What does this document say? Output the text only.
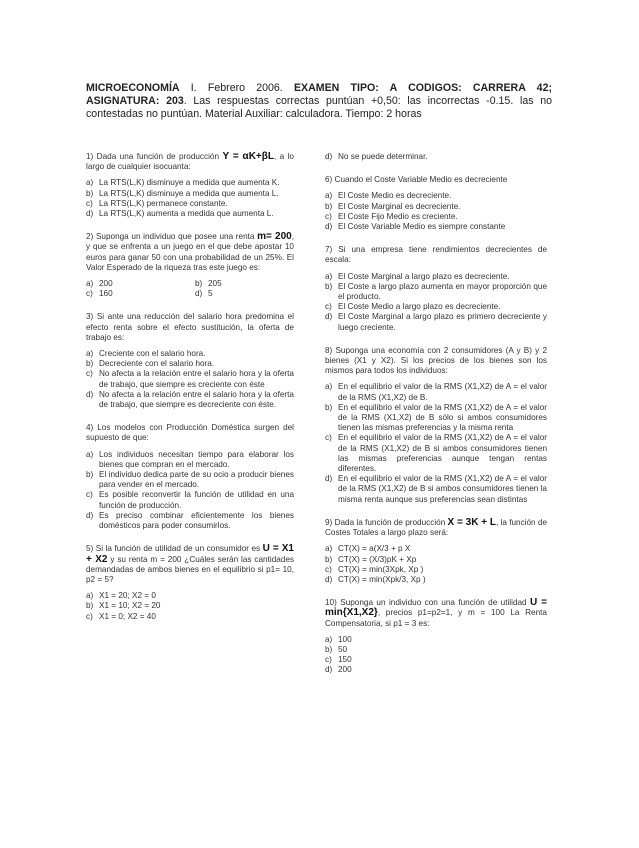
MICROECONOMÍA I. Febrero 2006. EXAMEN TIPO: A CODIGOS: CARRERA 42; ASIGNATURA: 203. Las respuestas correctas puntúan +0,50: las incorrectas -0.15. las no contestadas no puntúan. Material Auxiliar: calculadora. Tiempo: 2 horas
1) Dada una función de producción Y = αK+βL, a lo largo de cualquier isocuanta:
a) La RTS(L,K) disminuye a medida que aumenta K.
b) La RTS(L,K) disminuye a medida que aumenta L.
c) La RTS(L,K) permanece constante.
d) La RTS(L,K) aumenta a medida que aumenta L.
2) Suponga un individuo que posee una renta m= 200, y que se enfrenta a un juego en el que debe apostar 10 euros para ganar 50 con una probabilidad de un 25%. El Valor Esperado de la riqueza tras este juego es:
a) 200	b) 205
c) 160	d) 5
3) Si ante una reducción del salario hora predomina el efecto renta sobre el efecto sustitución, la oferta de trabajo es:
a) Creciente con el salario hora.
b) Decreciente con el salario hora.
c) No afecta a la relación entre el salario hora y la oferta de trabajo, que siempre es creciente con éste
d) No afecta a la relación entre el salario hora y la oferta de trabajo, que siempre es decreciente con éste.
4) Los modelos con Producción Doméstica surgen del supuesto de que:
a) Los individuos necesitan tiempo para elaborar los bienes que compran en el mercado.
b) El individuo dedica parte de su ocio a producir bienes para vender en el mercado.
c) Es posible reconvertir la función de utilidad en una función de producción.
d) Es preciso combinar eficientemente los bienes domésticos para poder consumirlos.
5) Si la función de utilidad de un consumidor es U = X1 + X2 y su renta m = 200 ¿Cuáles serán las cantidades demandadas de ambos bienes en el equilibrio si p1= 10, p2 = 5?
a) X1 = 20; X2 = 0
b) X1 = 10; X2 = 20
c) X1 = 0; X2 = 40
d) No se puede determinar.
6) Cuando el Coste Variable Medio es decreciente
a) El Coste Medio es decreciente.
b) El Coste Marginal es decreciente.
c) El Coste Fijo Medio es creciente.
d) El Coste Variable Medio es siempre constante
7) Si una empresa tiene rendimientos decrecientes de escala:
a) El Coste Marginal a largo plazo es decreciente.
b) El Coste a largo plazo aumenta en mayor proporción que el producto.
c) El Coste Medio a largo plazo es decreciente.
d) El Coste Marginal a largo plazo es primero decreciente y luego creciente.
8) Suponga una economía con 2 consumidores (A y B) y 2 bienes (X1 y X2). Si los precios de los bienes son los mismos para todos los individuos:
a) En el equilibrio el valor de la RMS (X1,X2) de A = el valor de la RMS (X1,X2) de B.
b) En el equilibrio el valor de la RMS (X1,X2) de A = el valor de la RMS (X1,X2) de B sólo si ambos consumidores tienen las mismas preferencias y la misma renta
c) En el equilibrio el valor de la RMS (X1,X2) de A = el valor de la RMS (X1,X2) de B si ambos consumidores tienen las mismas preferencias aunque tengan rentas diferentes.
d) En el equilibrio el valor de la RMS (X1,X2) de A = el valor de la RMS (X1,X2) de B si ambos consumidores tienen la misma renta aunque sus preferencias sean distintas
9) Dada la función de producción X = 3K + L, la función de Costes Totales a largo plazo será:
a) CT(X) = a(X/3 + p X
b) CT(X) = (X/3)pK + Xp
c) CT(X) = min(3Xpk, Xp )
d) CT(X) = min(Xpk/3, Xp )
10) Suponga un individuo con una función de utilidad U = min{X1,X2}, precios p1=p2=1, y m = 100 La Renta Compensatoria, si p1 = 3 es:
a) 100
b) 50
c) 150
d) 200
